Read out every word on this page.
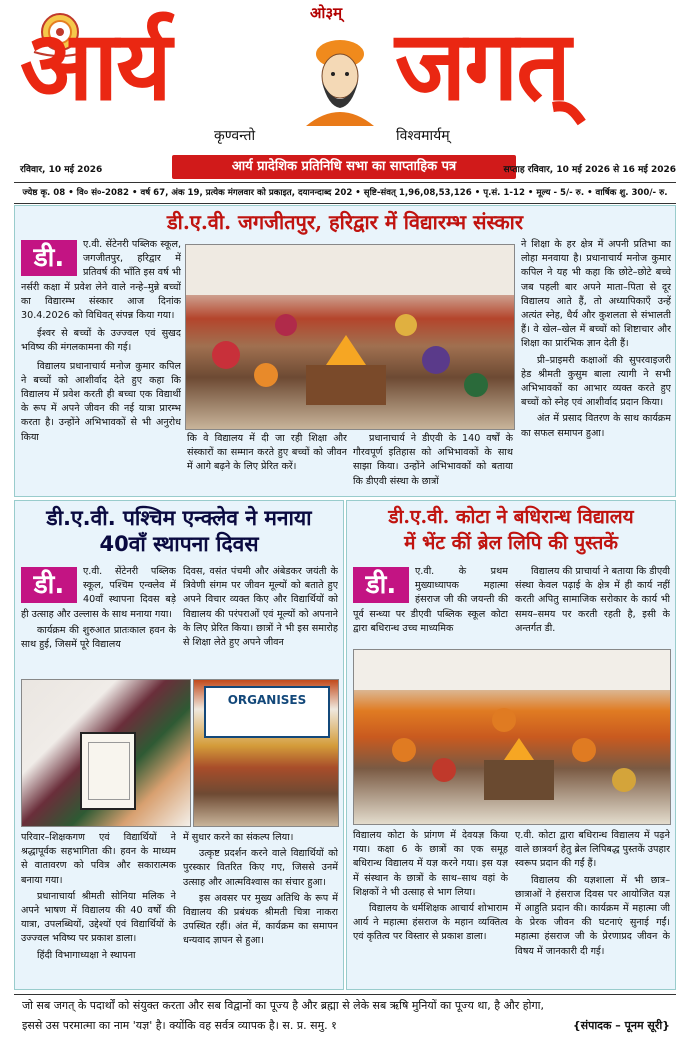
ओ३म्
आर्य जगत्
कृण्वन्तो	विश्वमार्यम्
रविवार, 10 मई 2026	आर्य प्रादेशिक प्रतिनिधि सभा का साप्ताहिक पत्र	सप्ताह रविवार, 10 मई 2026 से 16 मई 2026
ज्येष्ठ कृ. 08 • वि० सं०-2082 • वर्ष 67, अंक 19, प्रत्येक मंगलवार को प्रकाइत, दयानन्दाब्द 202 • सृष्टि-संवत् 1,96,08,53,126 • पृ.सं. 1-12 • मूल्य - 5/- रु. • वार्षिक शु. 300/- रु.
डी.ए.वी. जगजीतपुर, हरिद्वार में विद्यारम्भ संस्कार
डी.	ए.वी. सेंटेनरी पब्लिक स्कूल, जगजीतपुर, हरिद्वार में प्रतिवर्ष की भाँति इस वर्ष भी नर्सरी कक्षा में प्रवेश लेने वाले नन्हे–मुन्ने बच्चों का विद्यारम्भ संस्कार आज दिनांक 30.4.2026 को विधिवत् संपन्न किया गया।

ईश्वर से बच्चों के उज्ज्वल एवं सुखद भविष्य की मंगलकामना की गई।

विद्यालय प्रधानाचार्य मनोज कुमार कपिल ने बच्चों को आशीर्वाद देते हुए कहा कि विद्यालय में प्रवेश करती ही बच्चा एक विद्यार्थी के रूप में अपने जीवन की नई यात्रा प्रारम्भ करता है। उन्होंने अभिभावकों से भी अनुरोध किया	कि वे विद्यालय में दी जा रही शिक्षा और संस्कारों का सम्मान करते हुए बच्चों को जीवन में आगे बढ़ने के लिए प्रेरित करें।

प्रधानाचार्य ने डीएवी के 140 वर्षों के गौरवपूर्ण इतिहास को अभिभावकों के साथ साझा किया। उन्होंने अभिभावकों को बताया कि डीएवी संस्था के छात्रों

ने शिक्षा के हर क्षेत्र में अपनी प्रतिभा का लोहा मनवाया है। प्रधानाचार्य मनोज कुमार कपिल ने यह भी कहा कि छोटे–छोटे बच्चे जब पहली बार अपने माता–पिता से दूर विद्यालय आते हैं, तो अध्यापिकाएँ उन्हें अत्यंत स्नेह, धैर्य और कुशलता से संभालती हैं। वे खेल–खेल में बच्चों को शिष्टाचार और शिक्षा का प्रारंभिक ज्ञान देती हैं।

प्री–प्राइमरी कक्षाओं की सुपरवाइजरी हेड श्रीमती कुसुम बाला त्यागी ने सभी अभिभावकों का आभार व्यक्त करते हुए बच्चों को स्नेह एवं आशीर्वाद प्रदान किया।

अंत में प्रसाद वितरण के साथ कार्यक्रम का सफल समापन हुआ।

डी.ए.वी. पश्चिम एन्क्लेव ने मनाया
40वाँ स्थापना दिवस
डी.	ए.वी. सेंटेनरी पब्लिक स्कूल, पश्चिम एन्क्लेव में 40वाँ स्थापना दिवस बड़े ही उत्साह और उल्लास के साथ मनाया गया।

कार्यक्रम की शुरुआत प्रातःकाल हवन के साथ हुई, जिसमें पूरे विद्यालय

दिवस, वसंत पंचमी और अंबेडकर जयंती के त्रिवेणी संगम पर जीवन मूल्यों को बताते हुए अपने विचार व्यक्त किए और विद्यार्थियों को विद्यालय की परंपराओं एवं मूल्यों को अपनाने के लिए प्रेरित किया। छात्रों ने भी इस समारोह से शिक्षा लेते हुए अपने जीवन

ORGANISES

परिवार–शिक्षकगण एवं विद्यार्थियों ने श्रद्धापूर्वक सहभागिता की। हवन के माध्यम से वातावरण को पवित्र और सकारात्मक बनाया गया।

प्रधानाचार्या श्रीमती सोनिया मलिक ने अपने भाषण में विद्यालय की 40 वर्षों की यात्रा, उपलब्धियों, उद्देश्यों एवं विद्यार्थियों के उज्ज्वल भविष्य पर प्रकाश डाला।

हिंदी विभागाध्यक्षा ने स्थापना

में सुधार करने का संकल्प लिया।

उत्कृष्ट प्रदर्शन करने वाले विद्यार्थियों को पुरस्कार वितरित किए गए, जिससे उनमें उत्साह और आत्मविश्वास का संचार हुआ।

इस अवसर पर मुख्य अतिथि के रूप में विद्यालय की प्रबंधक श्रीमती चित्रा नाकरा उपस्थित रहीं। अंत में, कार्यक्रम का समापन धन्यवाद ज्ञापन से हुआ।

डी.ए.वी. कोटा ने बधिरान्ध विद्यालय
में भेंट कीं ब्रेल लिपि की पुस्तकें
डी.	ए.वी. के प्रथम मुख्याध्यापक महात्मा हंसराज जी की जयन्ती की पूर्व सन्ध्या पर डीएवी पब्लिक स्कूल कोटा द्वारा बधिरान्ध उच्च माध्यमिक

विद्यालय की प्राचार्या ने बताया कि डीएवी संस्था केवल पढ़ाई के क्षेत्र में ही कार्य नहीं करती अपितु सामाजिक सरोकार के कार्य भी समय–समय पर करती रहती है, इसी के अन्तर्गत डी.

विद्यालय कोटा के प्रांगण में देवयज्ञ किया गया। कक्षा 6 के छात्रों का एक समूह बधिरान्ध विद्यालय में यज्ञ करने गया। इस यज्ञ में संस्थान के छात्रों के साथ–साथ वहां के शिक्षकों ने भी उत्साह से भाग लिया।

विद्यालय के धर्मशिक्षक आचार्य शोभाराम आर्य ने महात्मा हंसराज के महान व्यक्तित्व एवं कृतित्व पर विस्तार से प्रकाश डाला।

ए.वी. कोटा द्वारा बधिरान्ध विद्यालय में पढ़ने वाले छात्रवर्ग हेतु ब्रेल लिपिबद्ध पुस्तकें उपहार स्वरूप प्रदान की गईं हैं।

विद्यालय की यज्ञशाला में भी छात्र–छात्राओं ने हंसराज दिवस पर आयोजित यज्ञ में आहुति प्रदान की। कार्यक्रम में महात्मा जी के प्रेरक जीवन की घटनाएं सुनाई गईं। महात्मा हंसराज जी के प्रेरणाप्रद जीवन के विषय में जानकारी दी गई।

जो सब जगत् के पदार्थों को संयुक्त करता और सब विद्वानों का पूज्य है और ब्रह्मा से लेके सब ऋषि मुनियों का पूज्य था, है और होगा,
इससे उस परमात्मा का नाम 'यज्ञ' है। क्योंकि वह सर्वत्र व्यापक है। स. प्र. समु. १	{संपादक – पूनम सूरी}
